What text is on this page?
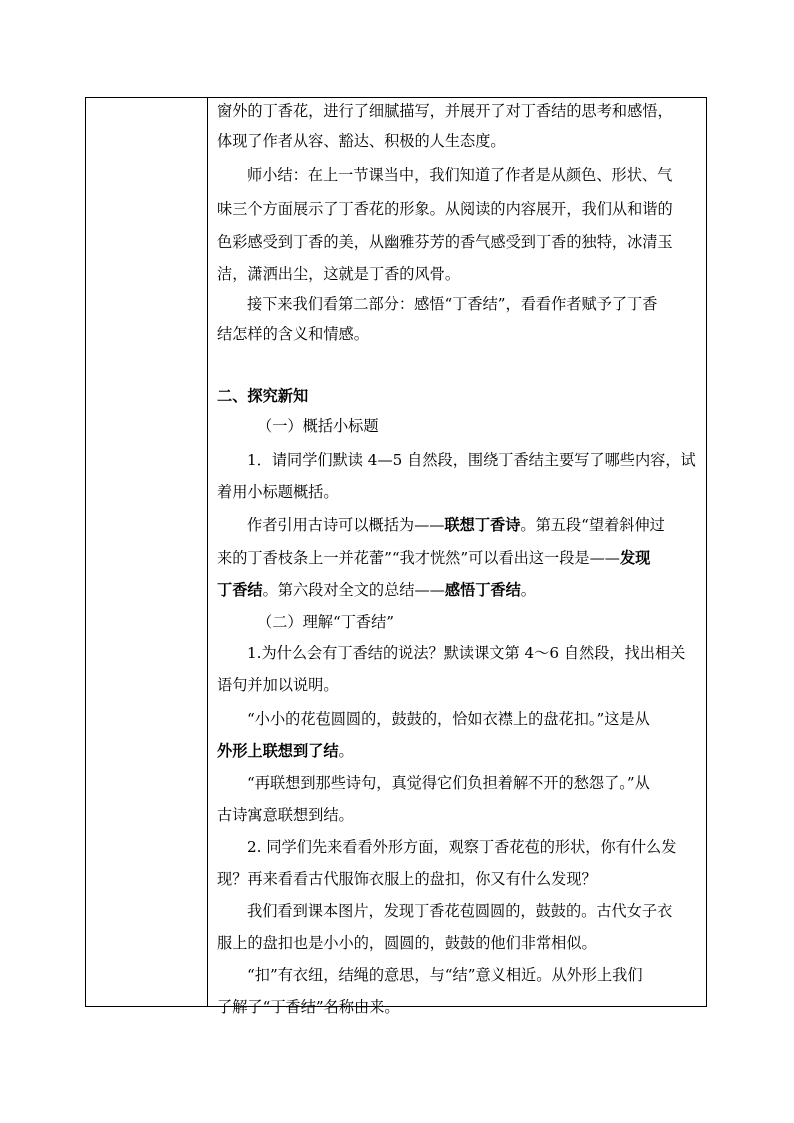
窗外的丁香花，进行了细腻描写，并展开了对丁香结的思考和感悟，
体现了作者从容、豁达、积极的人生态度。
师小结：在上一节课当中，我们知道了作者是从颜色、形状、气
味三个方面展示了丁香花的形象。从阅读的内容展开，我们从和谐的
色彩感受到丁香的美，从幽雅芬芳的香气感受到丁香的独特，冰清玉
洁，潇洒出尘，这就是丁香的风骨。
接下来我们看第二部分：感悟“丁香结”，看看作者赋予了丁香
结怎样的含义和情感。
二、探究新知
（一）概括小标题
1．请同学们默读 4—5 自然段，围绕丁香结主要写了哪些内容，试
着用小标题概括。
作者引用古诗可以概括为——联想丁香诗。第五段“望着斜伸过
来的丁香枝条上一并花蕾”“我才恍然”可以看出这一段是——发现
丁香结。第六段对全文的总结——感悟丁香结。
（二）理解“丁香结”
1.为什么会有丁香结的说法？默读课文第 4～6 自然段，找出相关
语句并加以说明。
“小小的花苞圆圆的，鼓鼓的，恰如衣襟上的盘花扣。”这是从
外形上联想到了结。
“再联想到那些诗句，真觉得它们负担着解不开的愁怨了。”从
古诗寓意联想到结。
2. 同学们先来看看外形方面，观察丁香花苞的形状，你有什么发
现？再来看看古代服饰衣服上的盘扣，你又有什么发现？
我们看到课本图片，发现丁香花苞圆圆的，鼓鼓的。古代女子衣
服上的盘扣也是小小的，圆圆的，鼓鼓的他们非常相似。
“扣”有衣纽，结绳的意思，与“结”意义相近。从外形上我们
了解了“丁香结”名称由来。
